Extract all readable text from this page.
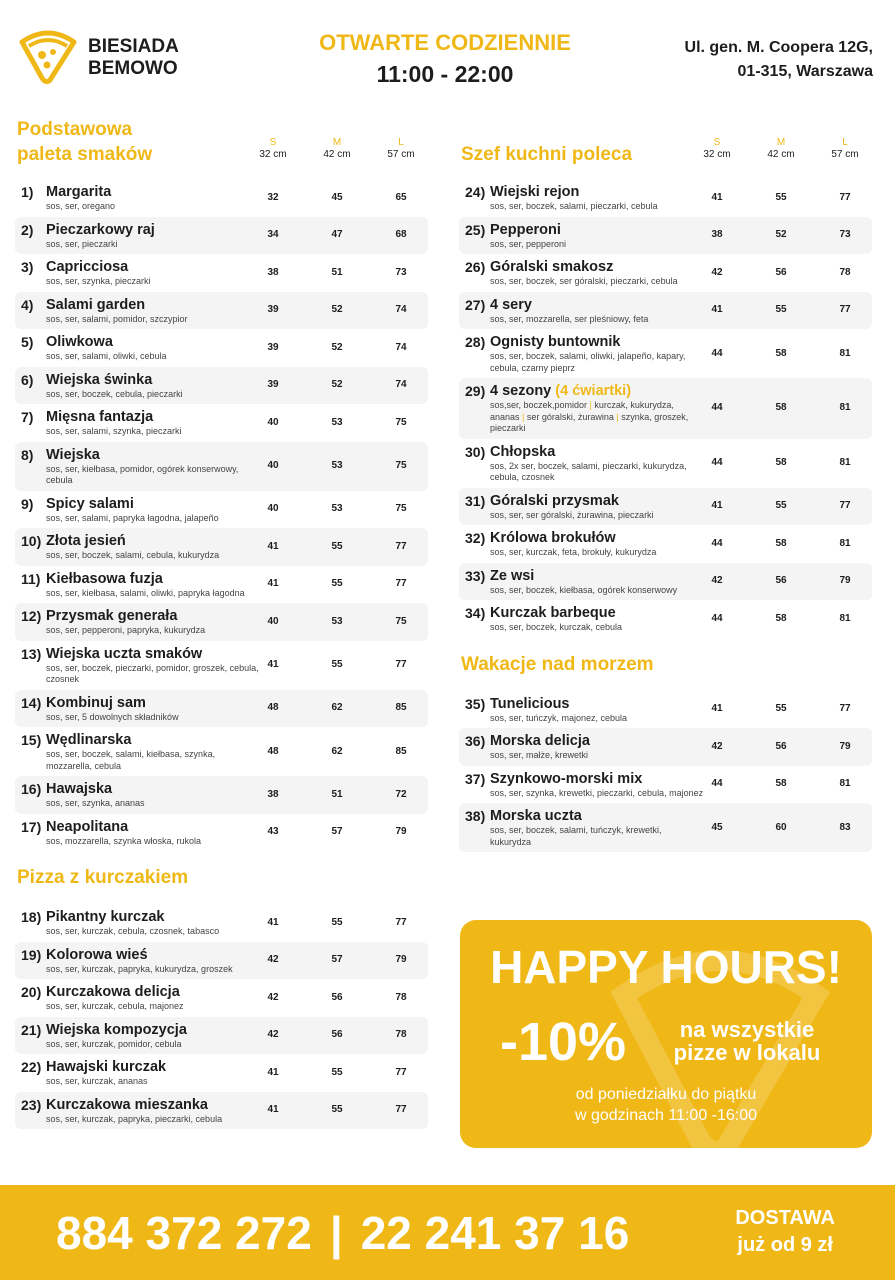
BIESIADA
BEMOWO
OTWARTE CODZIENNIE
11:00 - 22:00
Ul. gen. M. Coopera 12G,
01-315, Warszawa
Podstawowa
paleta smaków
S
32 cm
M
42 cm
L
57 cm
1) Margarita
sos, ser, oregano
32	45	65
2) Pieczarkowy raj
sos, ser, pieczarki
34	47	68
3) Capricciosa
sos, ser, szynka, pieczarki
38	51	73
4) Salami garden
sos, ser, salami, pomidor, szczypior
39	52	74
5) Oliwkowa
sos, ser, salami, oliwki, cebula
39	52	74
6) Wiejska świnka
sos, ser, boczek, cebula, pieczarki
39	52	74
7) Mięsna fantazja
sos, ser, salami, szynka, pieczarki
40	53	75
8) Wiejska
sos, ser, kiełbasa, pomidor, ogórek konserwowy, cebula
40	53	75
9) Spicy salami
sos, ser, salami, papryka łagodna, jalapeño
40	53	75
10) Złota jesień
sos, ser, boczek, salami, cebula, kukurydza
41	55	77
11) Kiełbasowa fuzja
sos, ser, kiełbasa, salami, oliwki, papryka łagodna
41	55	77
12) Przysmak generała
sos, ser, pepperoni, papryka, kukurydza
40	53	75
13) Wiejska uczta smaków
sos, ser, boczek, pieczarki, pomidor, groszek, cebula, czosnek
41	55	77
14) Kombinuj sam
sos, ser, 5 dowolnych składników
48	62	85
15) Wędlinarska
sos, ser, boczek, salami, kiełbasa, szynka, mozzarella, cebula
48	62	85
16) Hawajska
sos, ser, szynka, ananas
38	51	72
17) Neapolitana
sos, mozzarella, szynka włoska, rukola
43	57	79
Pizza z kurczakiem
18) Pikantny kurczak
sos, ser, kurczak, cebula, czosnek, tabasco
41	55	77
19) Kolorowa wieś
sos, ser, kurczak, papryka, kukurydza, groszek
42	57	79
20) Kurczakowa delicja
sos, ser, kurczak, cebula, majonez
42	56	78
21) Wiejska kompozycja
sos, ser, kurczak, pomidor, cebula
42	56	78
22) Hawajski kurczak
sos, ser, kurczak, ananas
41	55	77
23) Kurczakowa mieszanka
sos, ser, kurczak, papryka, pieczarki, cebula
41	55	77
Szef kuchni poleca
S
32 cm
M
42 cm
L
57 cm
24) Wiejski rejon
sos, ser, boczek, salami, pieczarki, cebula
41	55	77
25) Pepperoni
sos, ser, pepperoni
38	52	73
26) Góralski smakosz
sos, ser, boczek, ser góralski, pieczarki, cebula
42	56	78
27) 4 sery
sos, ser, mozzarella, ser pleśniowy, feta
41	55	77
28) Ognisty buntownik
sos, ser, boczek, salami, oliwki, jalapeño, kapary, cebula, czarny pieprz
44	58	81
29) 4 sezony (4 ćwiartki)
sos,ser, boczek,pomidor | kurczak, kukurydza, ananas | ser góralski, żurawina | szynka, groszek, pieczarki
44	58	81
30) Chłopska
sos, 2x ser, boczek, salami, pieczarki, kukurydza, cebula, czosnek
44	58	81
31) Góralski przysmak
sos, ser, ser góralski, żurawina, pieczarki
41	55	77
32) Królowa brokułów
sos, ser, kurczak, feta, brokuły, kukurydza
44	58	81
33) Ze wsi
sos, ser, boczek, kiełbasa, ogórek konserwowy
42	56	79
34) Kurczak barbeque
sos, ser, boczek, kurczak, cebula
44	58	81
Wakacje nad morzem
35) Tunelicious
sos, ser, tuńczyk, majonez, cebula
41	55	77
36) Morska delicja
sos, ser, małże, krewetki
42	56	79
37) Szynkowo-morski mix
sos, ser, szynka, krewetki, pieczarki, cebula, majonez
44	58	81
38) Morska uczta
sos, ser, boczek, salami, tuńczyk, krewetki, kukurydza
45	60	83
HAPPY HOURS!
-10%	na wszystkie
pizze w lokalu
od poniedziałku do piątku
w godzinach 11:00 -16:00
884 372 272 | 22 241 37 16	DOSTAWA
już od 9 zł
